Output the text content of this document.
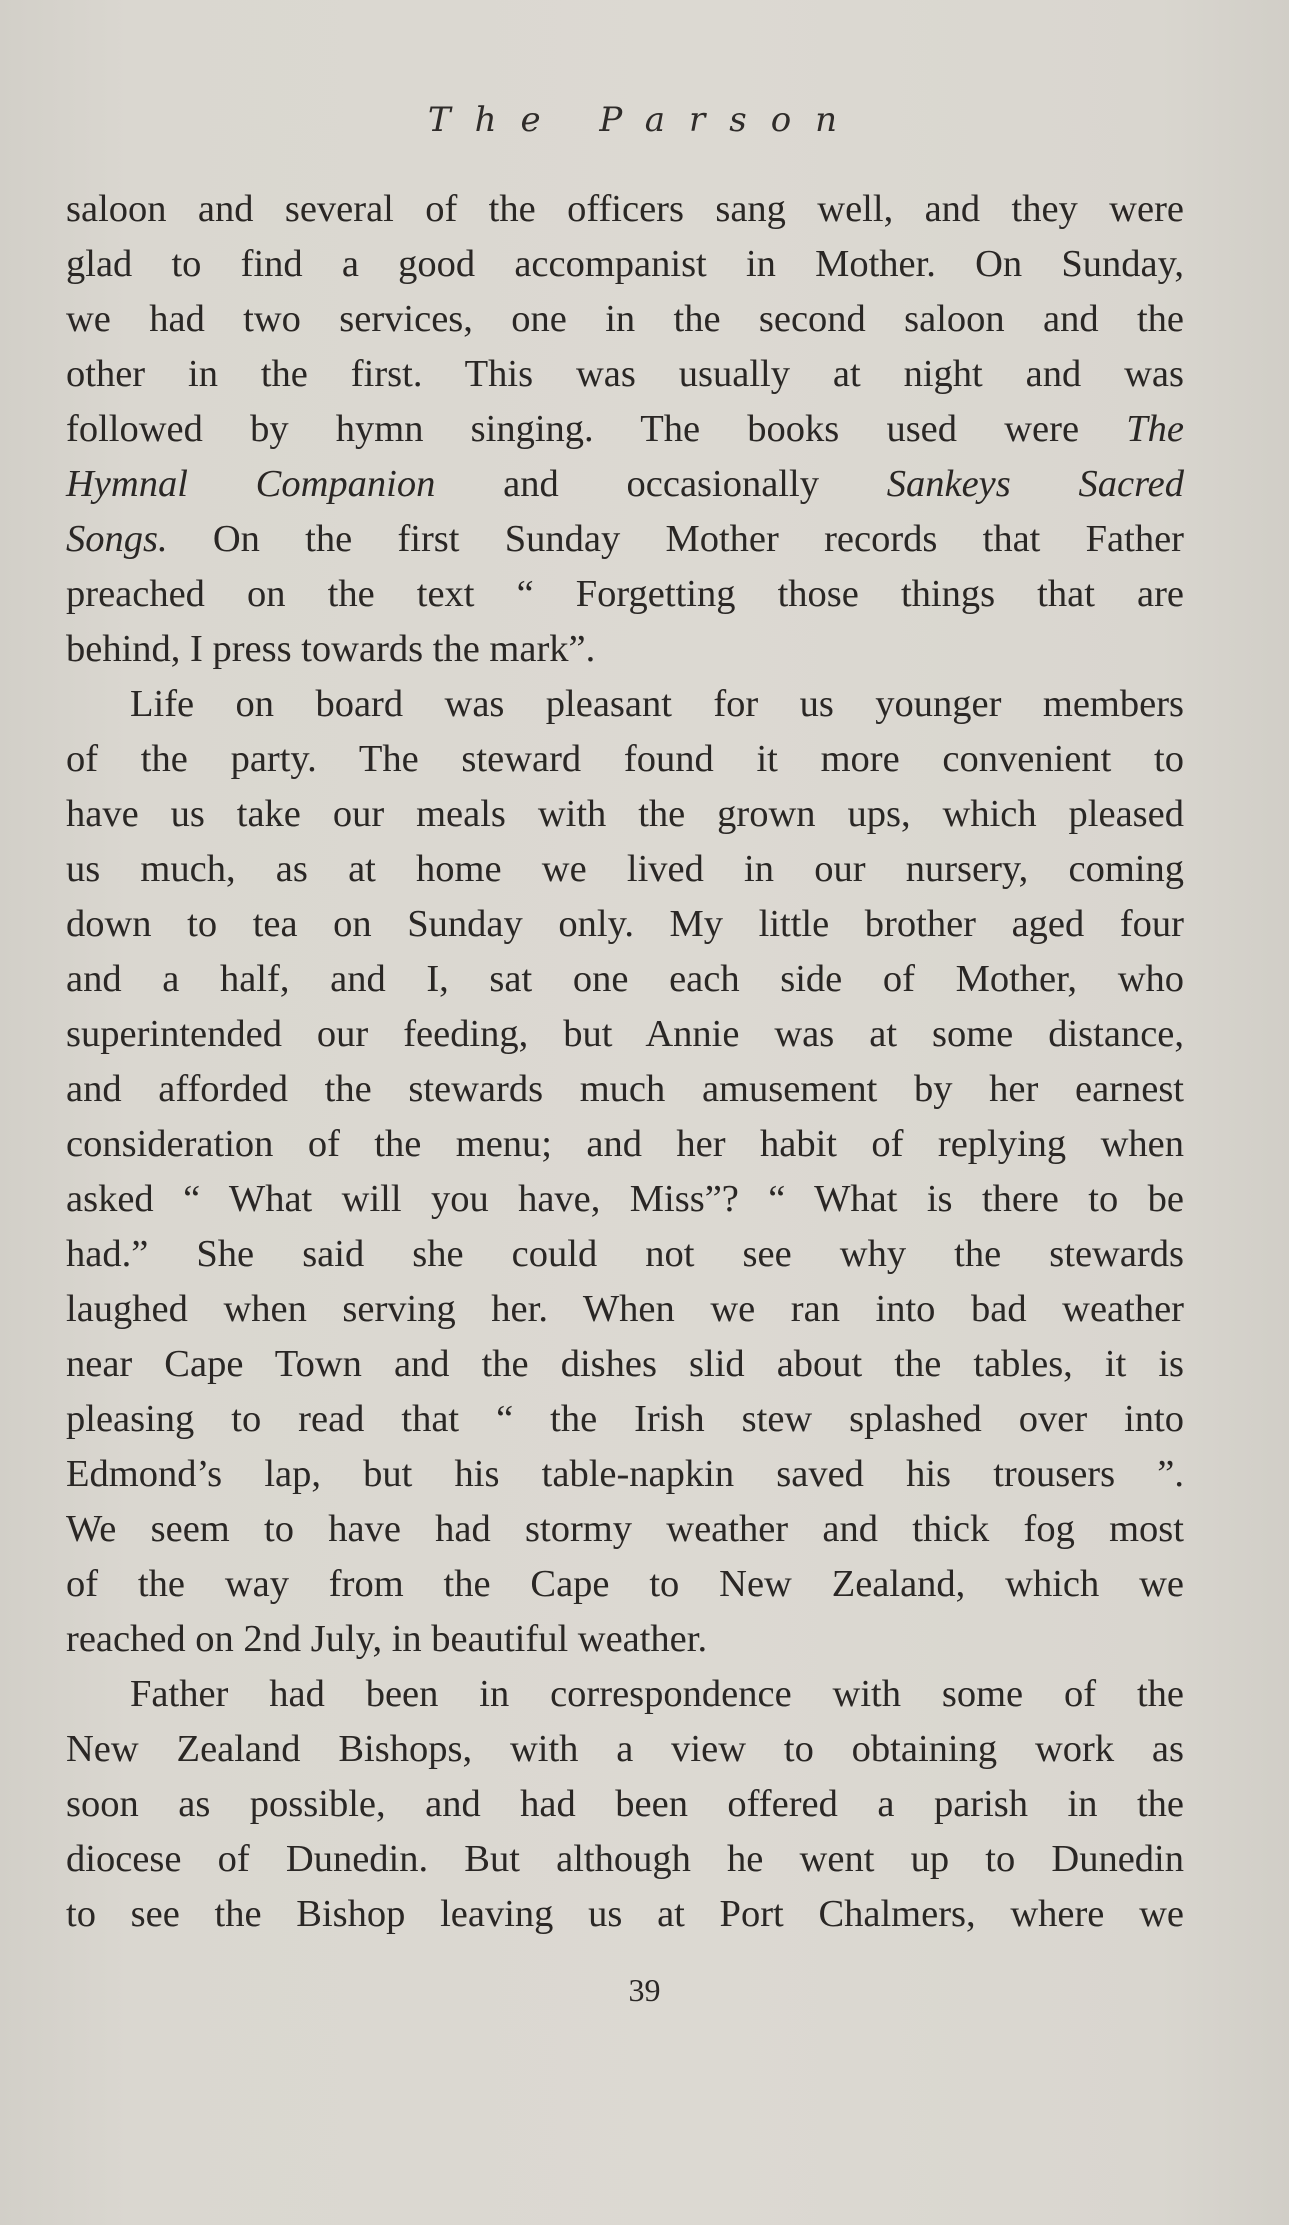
The Parson
saloon and several of the officers sang well, and they were
glad to find a good accompanist in Mother. On Sunday,
we had two services, one in the second saloon and the
other in the first. This was usually at night and was
followed by hymn singing. The books used were The
Hymnal Companion and occasionally Sankeys Sacred
Songs. On the first Sunday Mother records that Father
preached on the text “ Forgetting those things that are
behind, I press towards the mark”.
Life on board was pleasant for us younger members
of the party. The steward found it more convenient to
have us take our meals with the grown ups, which pleased
us much, as at home we lived in our nursery, coming
down to tea on Sunday only. My little brother aged four
and a half, and I, sat one each side of Mother, who
superintended our feeding, but Annie was at some distance,
and afforded the stewards much amusement by her earnest
consideration of the menu; and her habit of replying when
asked “ What will you have, Miss”? “ What is there to be
had.” She said she could not see why the stewards
laughed when serving her. When we ran into bad weather
near Cape Town and the dishes slid about the tables, it is
pleasing to read that “ the Irish stew splashed over into
Edmond’s lap, but his table-napkin saved his trousers ”.
We seem to have had stormy weather and thick fog most
of the way from the Cape to New Zealand, which we
reached on 2nd July, in beautiful weather.
Father had been in correspondence with some of the
New Zealand Bishops, with a view to obtaining work as
soon as possible, and had been offered a parish in the
diocese of Dunedin. But although he went up to Dunedin
to see the Bishop leaving us at Port Chalmers, where we
39
